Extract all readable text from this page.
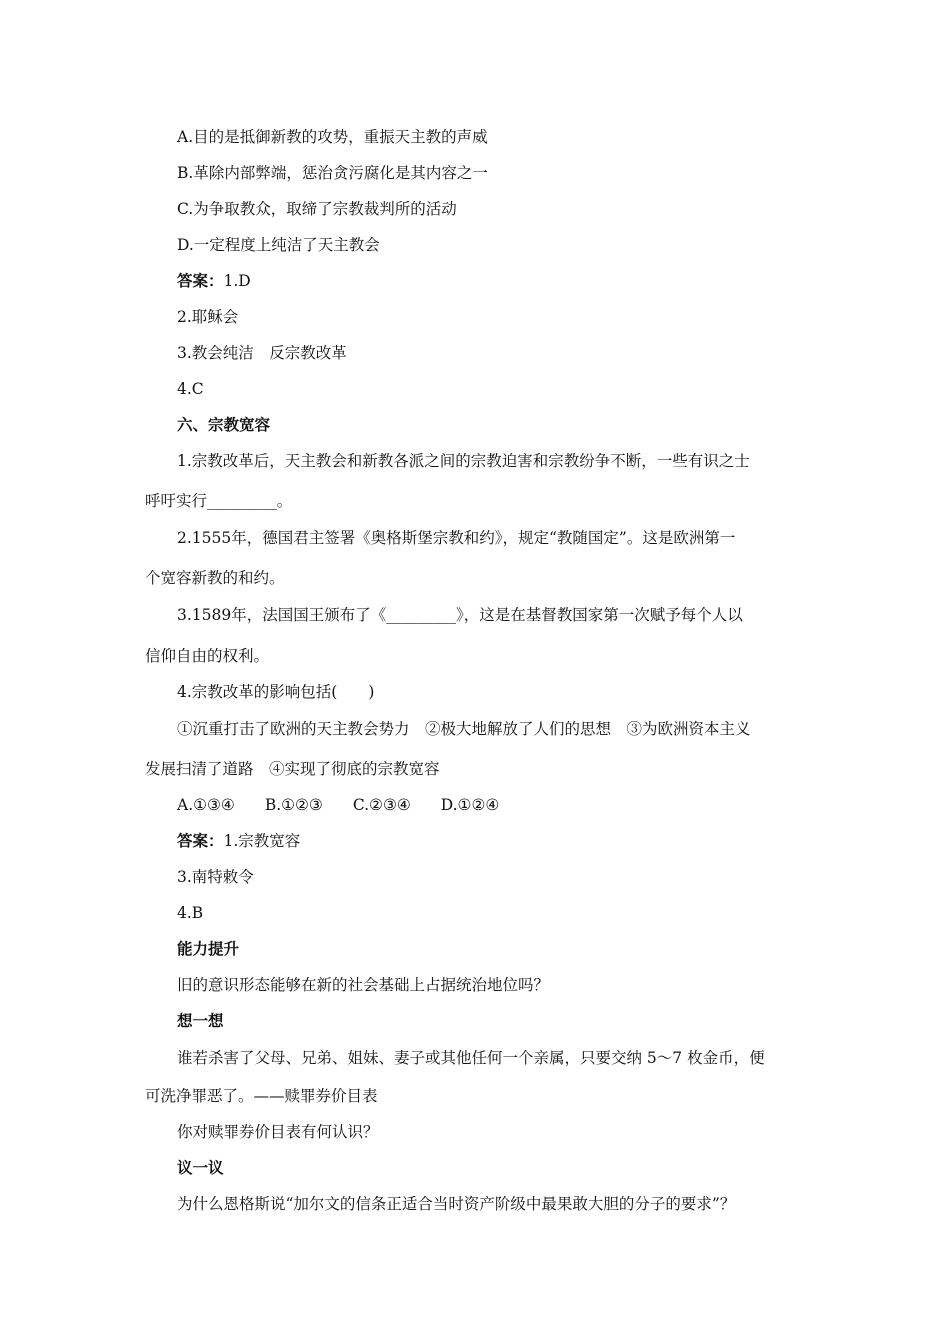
A.目的是抵御新教的攻势，重振天主教的声威
B.革除内部弊端，惩治贪污腐化是其内容之一
C.为争取教众，取缔了宗教裁判所的活动
D.一定程度上纯洁了天主教会
答案：1.D
2.耶稣会
3.教会纯洁　反宗教改革
4.C
六、宗教宽容
1.宗教改革后，天主教会和新教各派之间的宗教迫害和宗教纷争不断，一些有识之士
呼吁实行_________。
2.1555年，德国君主签署《奥格斯堡宗教和约》，规定“教随国定”。这是欧洲第一
个宽容新教的和约。
3.1589年，法国国王颁布了《_________》，这是在基督教国家第一次赋予每个人以
信仰自由的权利。
4.宗教改革的影响包括(　　)
①沉重打击了欧洲的天主教会势力　②极大地解放了人们的思想　③为欧洲资本主义
发展扫清了道路　④实现了彻底的宗教宽容
A.①③④ B.①②③ C.②③④ D.①②④
答案：1.宗教宽容
3.南特敕令
4.B
能力提升
旧的意识形态能够在新的社会基础上占据统治地位吗？
想一想
谁若杀害了父母、兄弟、姐妹、妻子或其他任何一个亲属，只要交纳 5～7 枚金币，便
可洗净罪恶了。——赎罪券价目表
你对赎罪券价目表有何认识？
议一议
为什么恩格斯说“加尔文的信条正适合当时资产阶级中最果敢大胆的分子的要求”？
